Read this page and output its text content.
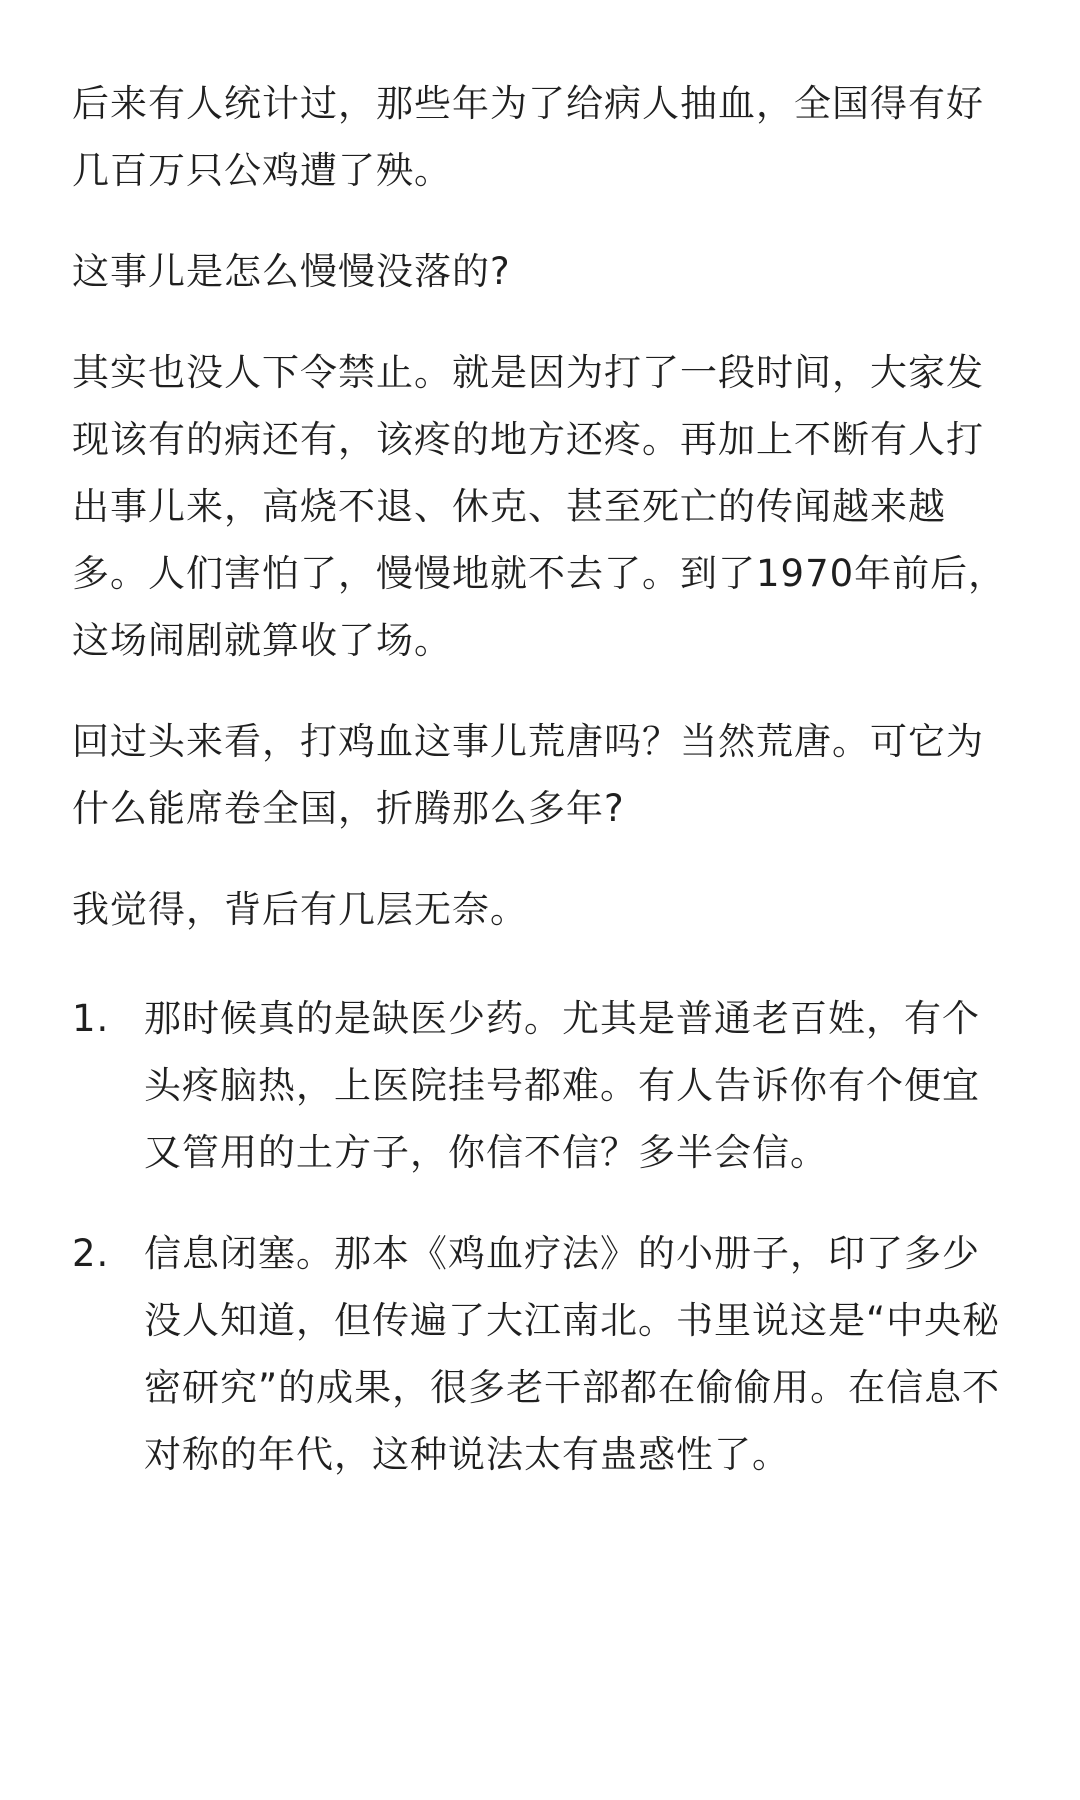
后来有人统计过，那些年为了给病人抽血，全国得有好几百万只公鸡遭了殃。

这事儿是怎么慢慢没落的?

其实也没人下令禁止。就是因为打了一段时间，大家发现该有的病还有，该疼的地方还疼。再加上不断有人打出事儿来，高烧不退、休克、甚至死亡的传闻越来越多。人们害怕了，慢慢地就不去了。到了1970年前后，这场闹剧就算收了场。

回过头来看，打鸡血这事儿荒唐吗？当然荒唐。可它为什么能席卷全国，折腾那么多年?

我觉得，背后有几层无奈。

1. 那时候真的是缺医少药。尤其是普通老百姓，有个头疼脑热，上医院挂号都难。有人告诉你有个便宜又管用的土方子，你信不信？多半会信。
2. 信息闭塞。那本《鸡血疗法》的小册子，印了多少没人知道，但传遍了大江南北。书里说这是“中央秘密研究”的成果，很多老干部都在偷偷用。在信息不对称的年代，这种说法太有蛊惑性了。
